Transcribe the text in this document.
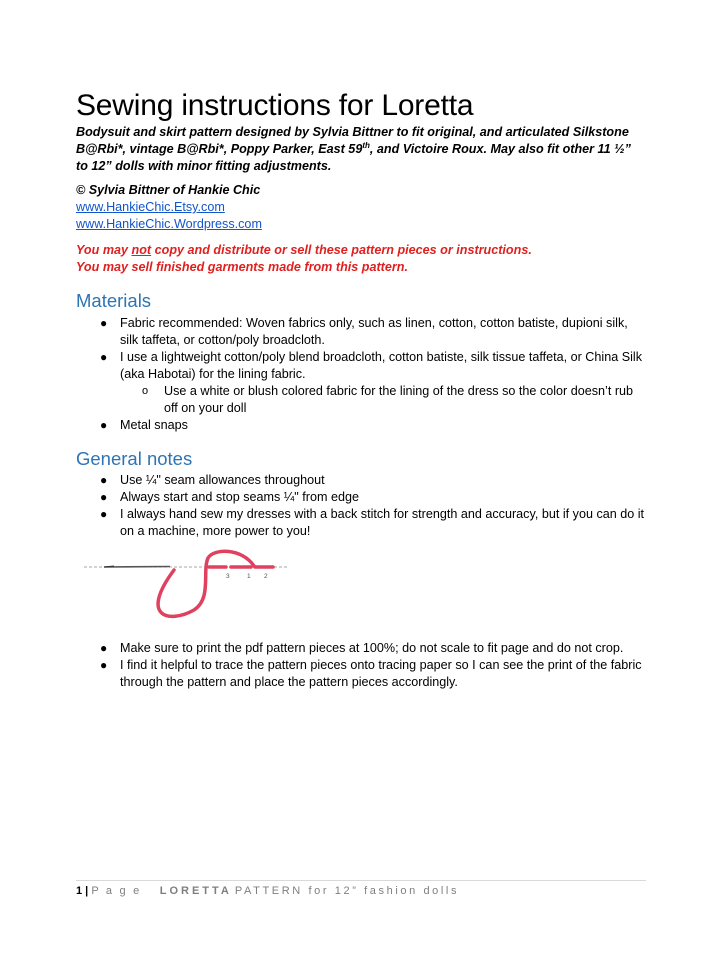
Sewing instructions for Loretta

Bodysuit and skirt pattern designed by Sylvia Bittner to fit original, and articulated Silkstone B@Rbi*, vintage B@Rbi*, Poppy Parker, East 59th, and Victoire Roux. May also fit other 11 ½” to 12” dolls with minor fitting adjustments.

© Sylvia Bittner of Hankie Chic

www.HankieChic.Etsy.com
www.HankieChic.Wordpress.com

You may not copy and distribute or sell these pattern pieces or instructions.
You may sell finished garments made from this pattern.

Materials
● Fabric recommended: Woven fabrics only, such as linen, cotton, cotton batiste, dupioni silk, silk taffeta, or cotton/poly broadcloth.
● I use a lightweight cotton/poly blend broadcloth, cotton batiste, silk tissue taffeta, or China Silk (aka Habotai) for the lining fabric.
o Use a white or blush colored fabric for the lining of the dress so the color doesn’t rub off on your doll
● Metal snaps
General notes
● Use ¼" seam allowances throughout
● Always start and stop seams ¼" from edge
● I always hand sew my dresses with a back stitch for strength and accuracy, but if you can do it on a machine, more power to you!
3	1 2
● Make sure to print the pdf pattern pieces at 100%; do not scale to fit page and do not crop.
● I find it helpful to trace the pattern pieces onto tracing paper so I can see the print of the fabric through the pattern and place the pattern pieces accordingly.
1 | P a g e LORETTA PATTERN for 12” fashion dolls
